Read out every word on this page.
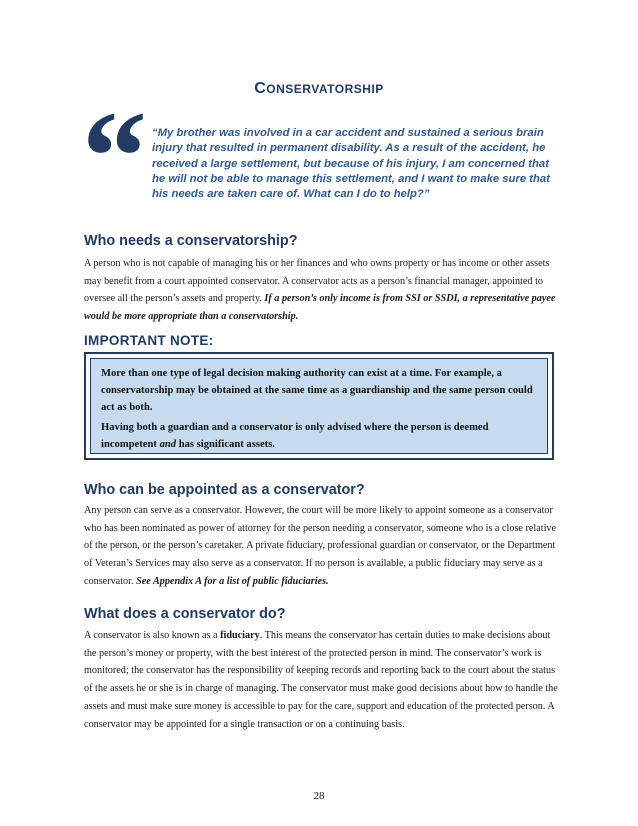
CONSERVATORSHIP
“ “My brother was involved in a car accident and sustained a serious brain injury that resulted in permanent disability. As a result of the accident, he received a large settlement, but because of his injury, I am concerned that he will not be able to manage this settlement, and I want to make sure that his needs are taken care of. What can I do to help?”
Who needs a conservatorship?

A person who is not capable of managing his or her finances and who owns property or has income or other assets may benefit from a court appointed conservator. A conservator acts as a person’s financial manager, appointed to oversee all the person’s assets and property. If a person’s only income is from SSI or SSDI, a representative payee would be more appropriate than a conservatorship.

IMPORTANT NOTE:

More than one type of legal decision making authority can exist at a time. For example, a conservatorship may be obtained at the same time as a guardianship and the same person could act as both.

Having both a guardian and a conservator is only advised where the person is deemed incompetent and has significant assets.

Who can be appointed as a conservator?

Any person can serve as a conservator. However, the court will be more likely to appoint someone as a conservator who has been nominated as power of attorney for the person needing a conservator, someone who is a close relative of the person, or the person’s caretaker. A private fiduciary, professional guardian or conservator, or the Department of Veteran’s Services may also serve as a conservator. If no person is available, a public fiduciary may serve as a conservator. See Appendix A for a list of public fiduciaries.

What does a conservator do?

A conservator is also known as a fiduciary. This means the conservator has certain duties to make decisions about the person’s money or property, with the best interest of the protected person in mind. The conservator’s work is monitored; the conservator has the responsibility of keeping records and reporting back to the court about the status of the assets he or she is in charge of managing. The conservator must make good decisions about how to handle the assets and must make sure money is accessible to pay for the care, support and education of the protected person. A conservator may be appointed for a single transaction or on a continuing basis.

28
